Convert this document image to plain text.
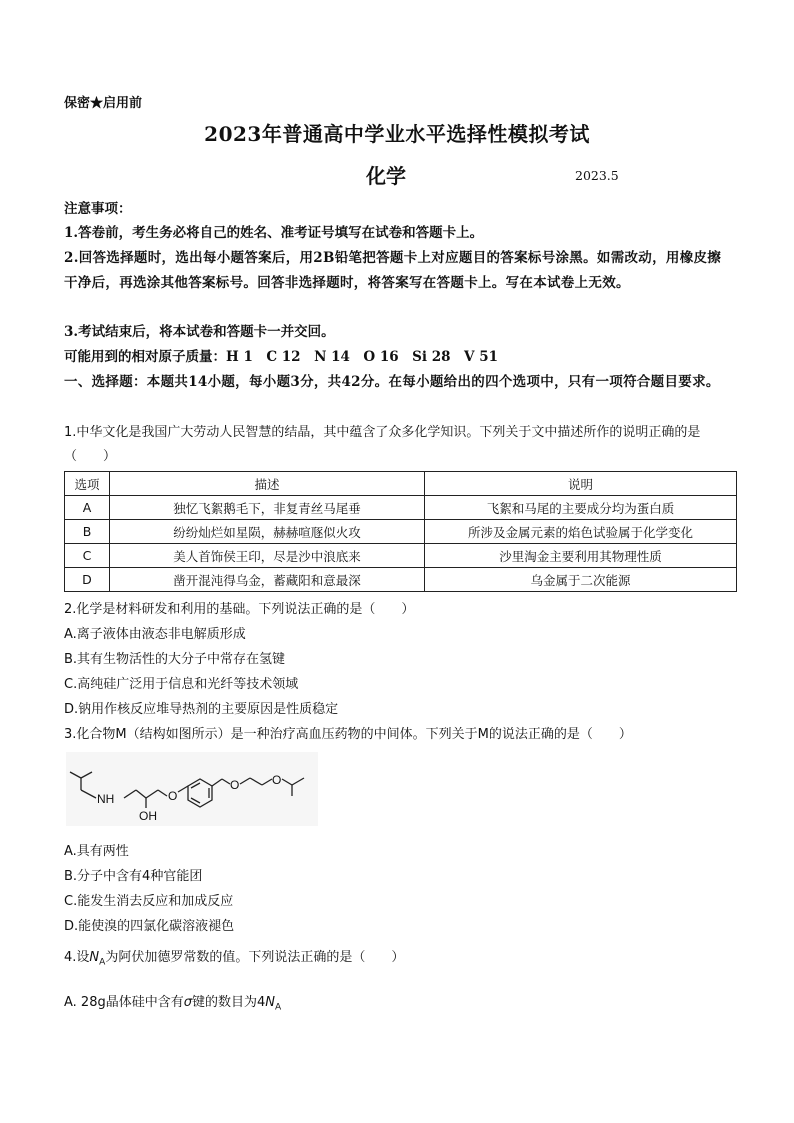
保密★启用前
2023年普通高中学业水平选择性模拟考试
化学	2023.5
注意事项：
1.答卷前，考生务必将自己的姓名、准考证号填写在试卷和答题卡上。
2.回答选择题时，选出每小题答案后，用2B铅笔把答题卡上对应题目的答案标号涂黑。如需改动，用橡皮擦干净后，再选涂其他答案标号。回答非选择题时，将答案写在答题卡上。写在本试卷上无效。
3.考试结束后，将本试卷和答题卡一并交回。
可能用到的相对原子质量：H 1　C 12　N 14　O 16　Si 28　V 51
一、选择题：本题共14小题，每小题3分，共42分。在每小题给出的四个选项中，只有一项符合题目要求。
1.中华文化是我国广大劳动人民智慧的结晶，其中蕴含了众多化学知识。下列关于文中描述所作的说明正确的是（　　）
选项	描述	说明
A	独忆飞絮鹅毛下，非复青丝马尾垂	飞絮和马尾的主要成分均为蛋白质
B	纷纷灿烂如星陨，赫赫喧豗似火攻	所涉及金属元素的焰色试验属于化学变化
C	美人首饰侯王印，尽是沙中浪底来	沙里淘金主要利用其物理性质
D	凿开混沌得乌金，蓄藏阳和意最深	乌金属于二次能源
2.化学是材料研发和利用的基础。下列说法正确的是（　　）
A.离子液体由液态非电解质形成
B.其有生物活性的大分子中常存在氢键
C.高纯硅广泛用于信息和光纤等技术领域
D.钠用作核反应堆导热剂的主要原因是性质稳定
3.化合物M（结构如图所示）是一种治疗高血压药物的中间体。下列关于M的说法正确的是（　　）
NH
OH
O
O	O
A.具有两性
B.分子中含有4种官能团
C.能发生消去反应和加成反应
D.能使溴的四氯化碳溶液褪色
4.设$N_A$为阿伏加德罗常数的值。下列说法正确的是（　　）
A. 28g晶体硅中含有σ键的数目为$4N_A$
